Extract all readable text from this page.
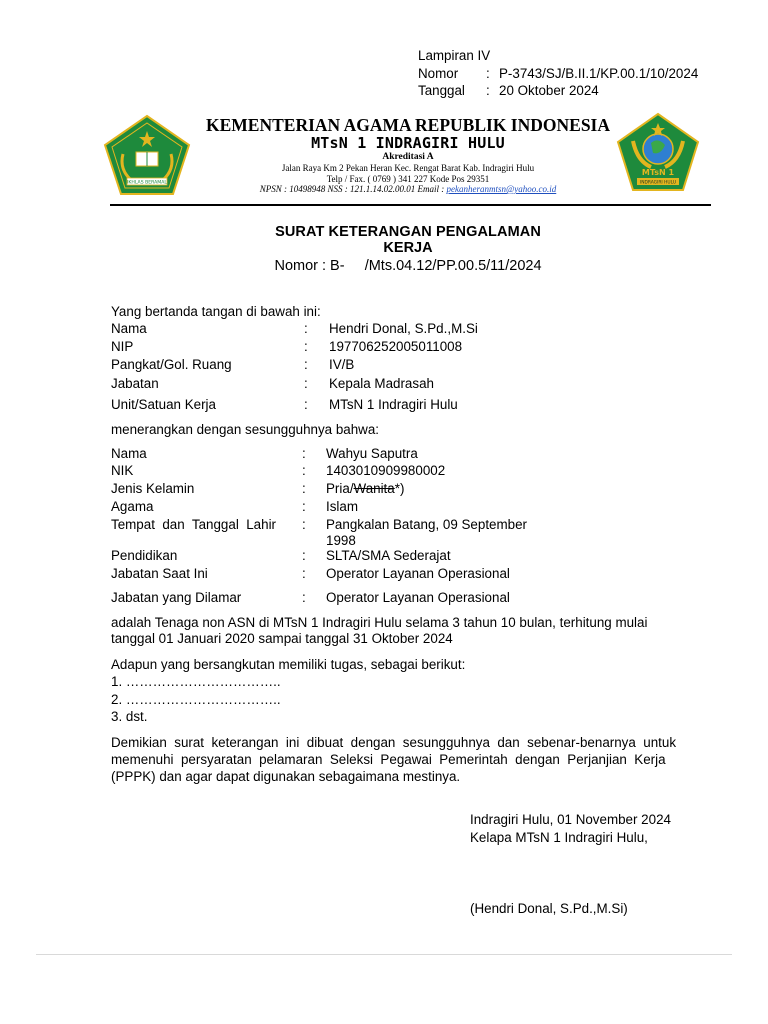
Lampiran IV
Nomor : P-3743/SJ/B.II.1/KP.00.1/10/2024
Tanggal : 20 Oktober 2024
IKHLAS BERAMAL
MTsN 1
INDRAGIRI HULU
KEMENTERIAN AGAMA REPUBLIK INDONESIA
MTsN 1 INDRAGIRI HULU
Akreditasi A
Jalan Raya Km 2 Pekan Heran Kec. Rengat Barat Kab. Indragiri Hulu
Telp / Fax. ( 0769 ) 341 227 Kode Pos 29351
NPSN : 10498948 NSS : 121.1.14.02.00.01 Email : pekanheranmtsn@yahoo.co.id
SURAT KETERANGAN PENGALAMAN
KERJA
Nomor : B-     /Mts.04.12/PP.00.5/11/2024
Yang bertanda tangan di bawah ini:
Nama	: Hendri Donal, S.Pd.,M.Si
NIP	: 197706252005011008
Pangkat/Gol. Ruang	: IV/B
Jabatan	: Kepala Madrasah
Unit/Satuan Kerja	: MTsN 1 Indragiri Hulu
menerangkan dengan sesungguhnya bahwa:
Nama	: Wahyu Saputra
NIK	: 1403010909980002
Jenis Kelamin	: Pria/Wanita*)
Agama	: Islam
Tempat  dan  Tanggal  Lahir : Pangkalan Batang, 09 September
1998
Pendidikan	: SLTA/SMA Sederajat
Jabatan Saat Ini	: Operator Layanan Operasional
Jabatan yang Dilamar	: Operator Layanan Operasional
adalah Tenaga non ASN di MTsN 1 Indragiri Hulu selama 3 tahun 10 bulan, terhitung mulai
tanggal 01 Januari 2020 sampai tanggal 31 Oktober 2024
Adapun yang bersangkutan memiliki tugas, sebagai berikut:
1. ……………………………..
2. ……………………………..
3. dst.
Demikian  surat  keterangan  ini  dibuat  dengan  sesungguhnya  dan  sebenar-benarnya  untuk
memenuhi  persyaratan  pelamaran  Seleksi  Pegawai  Pemerintah  dengan  Perjanjian  Kerja
(PPPK) dan agar dapat digunakan sebagaimana mestinya.
Indragiri Hulu, 01 November 2024
Kelapa MTsN 1 Indragiri Hulu,
(Hendri Donal, S.Pd.,M.Si)
